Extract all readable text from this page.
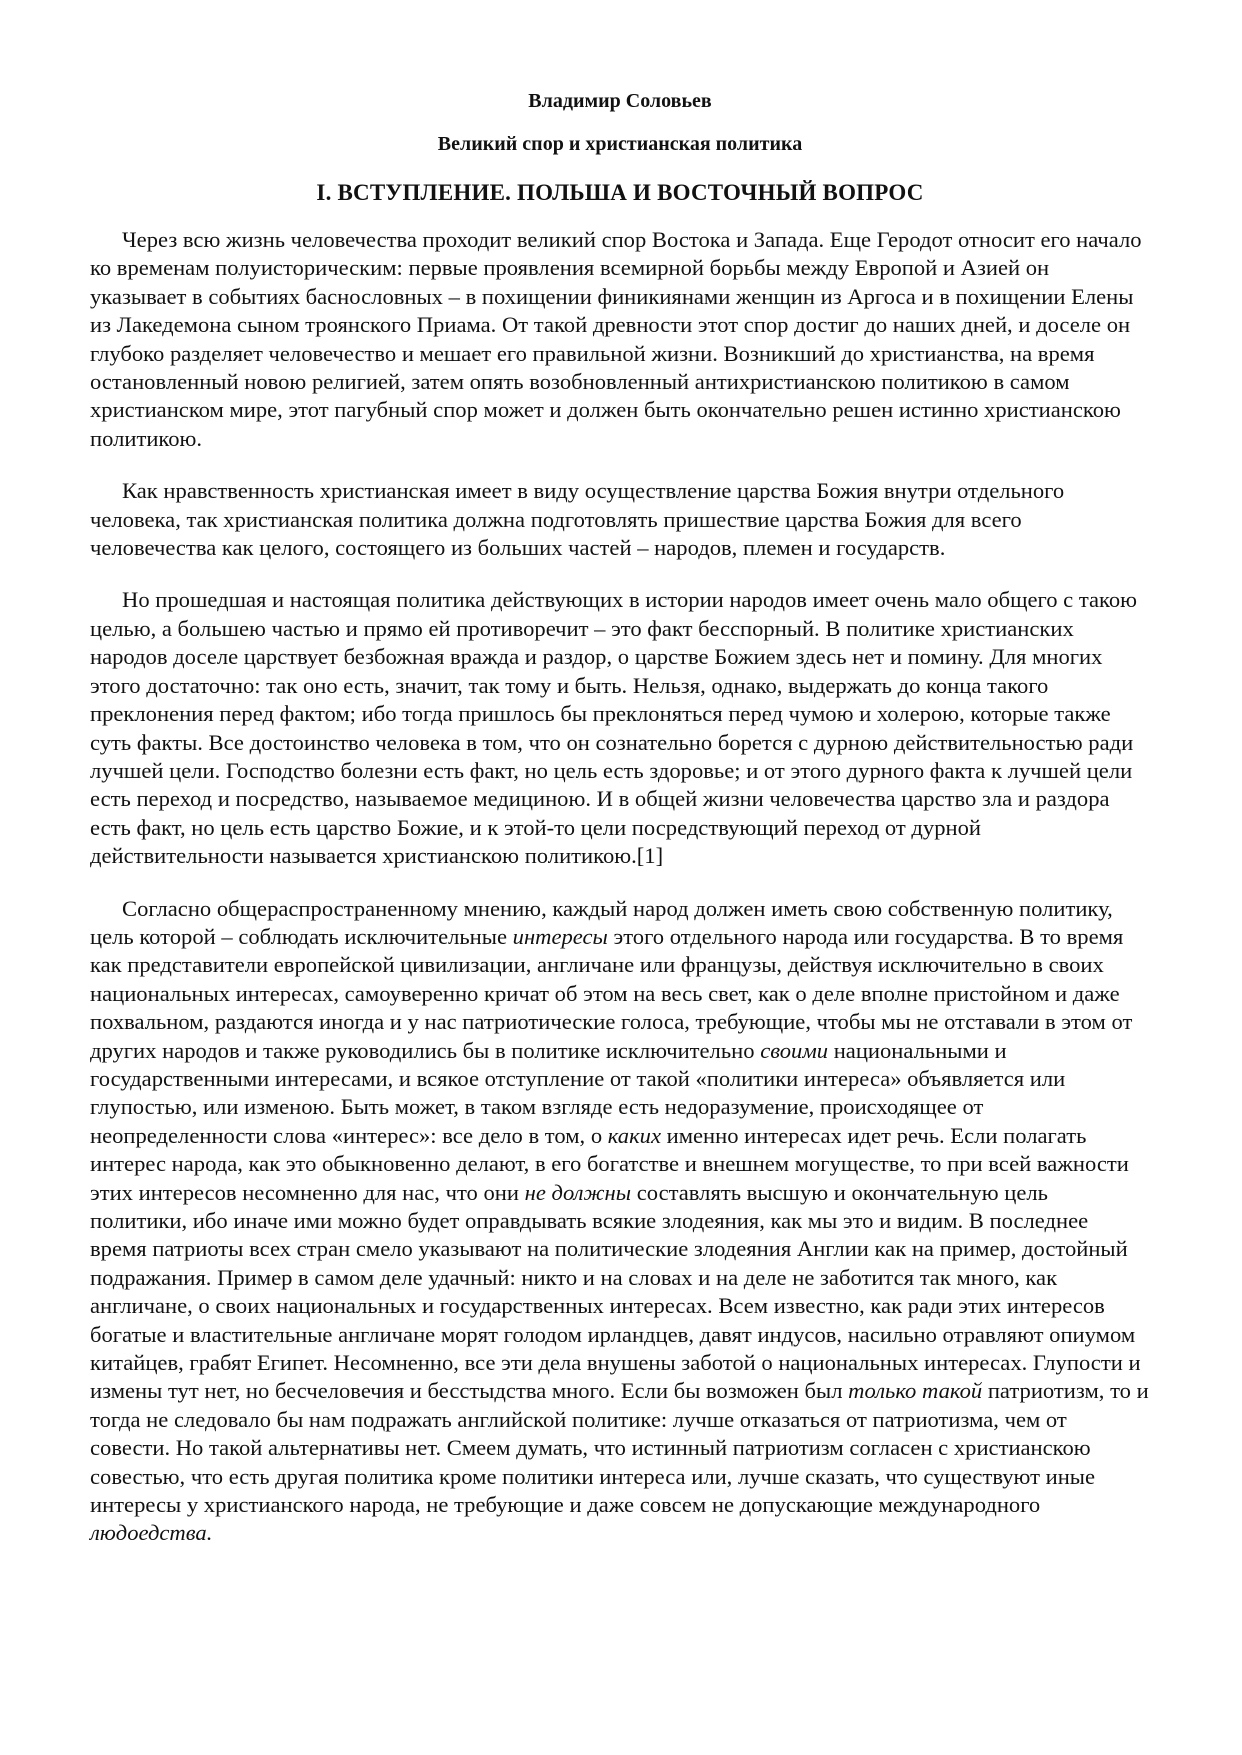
Владимир Соловьев

Великий спор и христианская политика

I. ВСТУПЛЕНИЕ. ПОЛЬША И ВОСТОЧНЫЙ ВОПРОС

Через всю жизнь человечества проходит великий спор Востока и Запада. Еще Геродот относит его начало ко временам полуисторическим: первые проявления всемирной борьбы между Европой и Азией он указывает в событиях баснословных – в похищении финикиянами женщин из Аргоса и в похищении Елены из Лакедемона сыном троянского Приама. От такой древности этот спор достиг до наших дней, и доселе он глубоко разделяет человечество и мешает его правильной жизни. Возникший до христианства, на время остановленный новою религией, затем опять возобновленный антихристианскою политикою в самом христианском мире, этот пагубный спор может и должен быть окончательно решен истинно христианскою политикою.

Как нравственность христианская имеет в виду осуществление царства Божия внутри отдельного человека, так христианская политика должна подготовлять пришествие царства Божия для всего человечества как целого, состоящего из больших частей – народов, племен и государств.

Но прошедшая и настоящая политика действующих в истории народов имеет очень мало общего с такою целью, а большею частью и прямо ей противоречит – это факт бесспорный. В политике христианских народов доселе царствует безбожная вражда и раздор, о царстве Божием здесь нет и помину. Для многих этого достаточно: так оно есть, значит, так тому и быть. Нельзя, однако, выдержать до конца такого преклонения перед фактом; ибо тогда пришлось бы преклоняться перед чумою и холерою, которые также суть факты. Все достоинство человека в том, что он сознательно борется с дурною действительностью ради лучшей цели. Господство болезни есть факт, но цель есть здоровье; и от этого дурного факта к лучшей цели есть переход и посредство, называемое медициною. И в общей жизни человечества царство зла и раздора есть факт, но цель есть царство Божие, и к этой-то цели посредствующий переход от дурной действительности называется христианскою политикою.[1]

Согласно общераспространенному мнению, каждый народ должен иметь свою собственную политику, цель которой – соблюдать исключительные интересы этого отдельного народа или государства. В то время как представители европейской цивилизации, англичане или французы, действуя исключительно в своих национальных интересах, самоуверенно кричат об этом на весь свет, как о деле вполне пристойном и даже похвальном, раздаются иногда и у нас патриотические голоса, требующие, чтобы мы не отставали в этом от других народов и также руководились бы в политике исключительно своими национальными и государственными интересами, и всякое отступление от такой «политики интереса» объявляется или глупостью, или изменою. Быть может, в таком взгляде есть недоразумение, происходящее от неопределенности слова «интерес»: все дело в том, о каких именно интересах идет речь. Если полагать интерес народа, как это обыкновенно делают, в его богатстве и внешнем могуществе, то при всей важности этих интересов несомненно для нас, что они не должны составлять высшую и окончательную цель политики, ибо иначе ими можно будет оправдывать всякие злодеяния, как мы это и видим. В последнее время патриоты всех стран смело указывают на политические злодеяния Англии как на пример, достойный подражания. Пример в самом деле удачный: никто и на словах и на деле не заботится так много, как англичане, о своих национальных и государственных интересах. Всем известно, как ради этих интересов богатые и властительные англичане морят голодом ирландцев, давят индусов, насильно отравляют опиумом китайцев, грабят Египет. Несомненно, все эти дела внушены заботой о национальных интересах. Глупости и измены тут нет, но бесчеловечия и бесстыдства много. Если бы возможен был только такой патриотизм, то и тогда не следовало бы нам подражать английской политике: лучше отказаться от патриотизма, чем от совести. Но такой альтернативы нет. Смеем думать, что истинный патриотизм согласен с христианскою совестью, что есть другая политика кроме политики интереса или, лучше сказать, что существуют иные интересы у христианского народа, не требующие и даже совсем не допускающие международного людоедства.
